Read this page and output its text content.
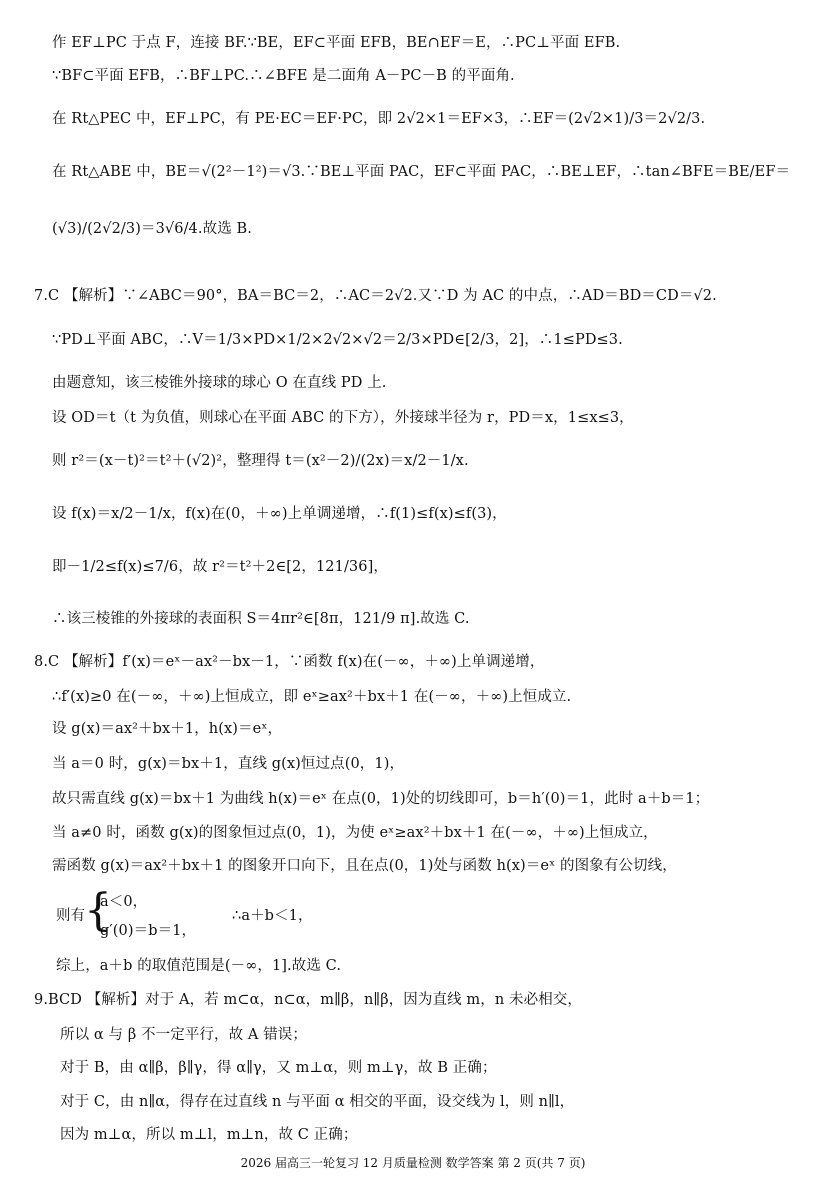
作 EF⊥PC 于点 F，连接 BF.∵BE，EF⊂平面 EFB，BE∩EF＝E，∴PC⊥平面 EFB.
∵BF⊂平面 EFB，∴BF⊥PC.∴∠BFE 是二面角 A－PC－B 的平面角.
在 Rt△PEC 中，EF⊥PC，有 PE·EC＝EF·PC，即 2√2×1＝EF×3，∴EF＝(2√2×1)/3＝2√2/3.
在 Rt△ABE 中，BE＝√(2²－1²)＝√3.∵BE⊥平面 PAC，EF⊂平面 PAC，∴BE⊥EF，∴tan∠BFE＝BE/EF＝
(√3)/(2√2/3)＝3√6/4.故选 B.
7.C 【解析】∵∠ABC＝90°，BA＝BC＝2，∴AC＝2√2.又∵D 为 AC 的中点，∴AD＝BD＝CD＝√2.
∵PD⊥平面 ABC，∴V＝1/3×PD×1/2×2√2×√2＝2/3×PD∈[2/3，2]，∴1≤PD≤3.
由题意知，该三棱锥外接球的球心 O 在直线 PD 上.
设 OD＝t（t 为负值，则球心在平面 ABC 的下方），外接球半径为 r，PD＝x，1≤x≤3，
则 r²＝(x－t)²＝t²＋(√2)²，整理得 t＝(x²－2)/(2x)＝x/2－1/x.
设 f(x)＝x/2－1/x，f(x)在(0，＋∞)上单调递增，∴f(1)≤f(x)≤f(3)，
即－1/2≤f(x)≤7/6，故 r²＝t²＋2∈[2，121/36]，
∴该三棱锥的外接球的表面积 S＝4πr²∈[8π，121/9 π].故选 C.
8.C 【解析】f′(x)＝eˣ－ax²－bx－1，∵函数 f(x)在(－∞，＋∞)上单调递增，
∴f′(x)≥0 在(－∞，＋∞)上恒成立，即 eˣ≥ax²＋bx＋1 在(－∞，＋∞)上恒成立.
设 g(x)＝ax²＋bx＋1，h(x)＝eˣ，
当 a＝0 时，g(x)＝bx＋1，直线 g(x)恒过点(0，1)，
故只需直线 g(x)＝bx＋1 为曲线 h(x)＝eˣ 在点(0，1)处的切线即可，b＝h′(0)＝1，此时 a＋b＝1；
当 a≠0 时，函数 g(x)的图象恒过点(0，1)，为使 eˣ≥ax²＋bx＋1 在(－∞，＋∞)上恒成立，
需函数 g(x)＝ax²＋bx＋1 的图象开口向下，且在点(0，1)处与函数 h(x)＝eˣ 的图象有公切线，
则有
{
a＜0，
g′(0)＝b＝1，
∴a＋b＜1，
综上，a＋b 的取值范围是(－∞，1].故选 C.
9.BCD 【解析】对于 A，若 m⊂α，n⊂α，m∥β，n∥β，因为直线 m，n 未必相交，
所以 α 与 β 不一定平行，故 A 错误；
对于 B，由 α∥β，β∥γ，得 α∥γ，又 m⊥α，则 m⊥γ，故 B 正确；
对于 C，由 n∥α，得存在过直线 n 与平面 α 相交的平面，设交线为 l，则 n∥l，
因为 m⊥α，所以 m⊥l，m⊥n，故 C 正确；
2026 届高三一轮复习 12 月质量检测 数学答案 第 2 页(共 7 页)
